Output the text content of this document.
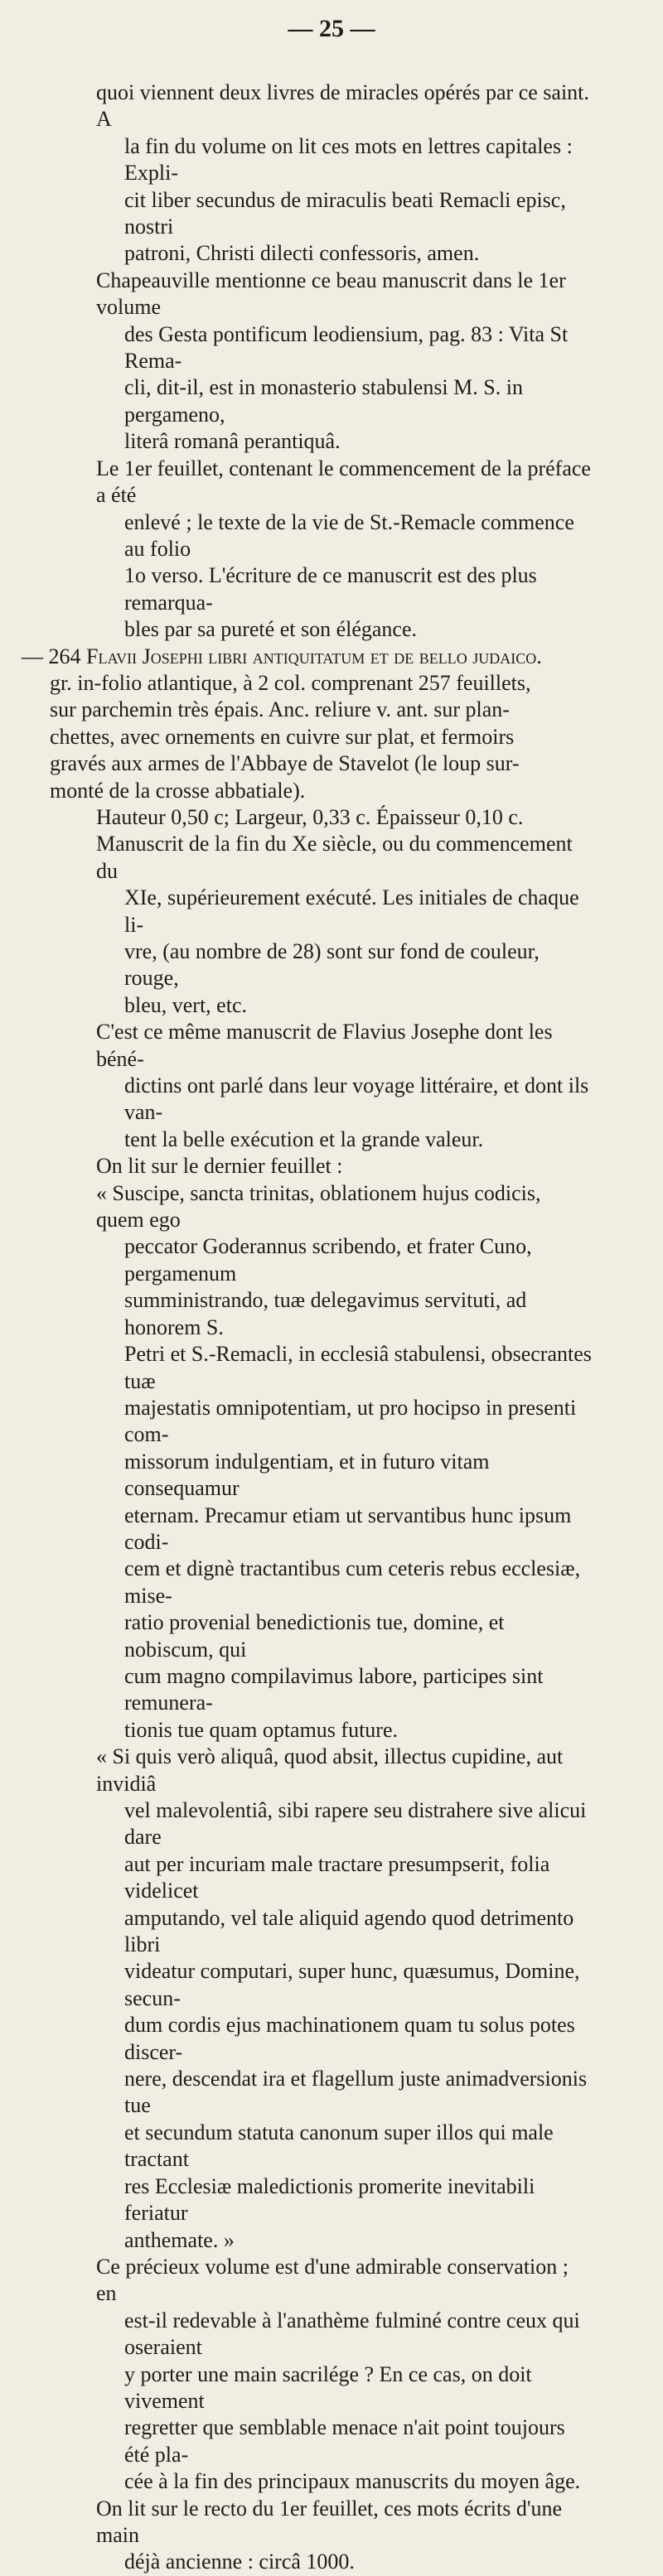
— 25 —

quoi viennent deux livres de miracles opérés par ce saint. A
la fin du volume on lit ces mots en lettres capitales : Expli-
cit liber secundus de miraculis beati Remacli episc, nostri
patroni, Christi dilecti confessoris, amen.

Chapeauville mentionne ce beau manuscrit dans le 1er volume
des Gesta pontificum leodiensium, pag. 83 : Vita St Rema-
cli, dit-il, est in monasterio stabulensi M. S. in pergameno,
literâ romanâ perantiquâ.

Le 1er feuillet, contenant le commencement de la préface a été
enlevé ; le texte de la vie de St.-Remacle commence au folio
1o verso. L'écriture de ce manuscrit est des plus remarqua-
bles par sa pureté et son élégance.

— 264 Flavii Josephi libri antiquitatum et de bello judaico.
gr. in-folio atlantique, à 2 col. comprenant 257 feuillets,
sur parchemin très épais. Anc. reliure v. ant. sur plan-
chettes, avec ornements en cuivre sur plat, et fermoirs
gravés aux armes de l'Abbaye de Stavelot (le loup sur-
monté de la crosse abbatiale).

Hauteur 0,50 c; Largeur, 0,33 c. Épaisseur 0,10 c.

Manuscrit de la fin du Xe siècle, ou du commencement du
XIe, supérieurement exécuté. Les initiales de chaque li-
vre, (au nombre de 28) sont sur fond de couleur, rouge,
bleu, vert, etc.

C'est ce même manuscrit de Flavius Josephe dont les béné-
dictins ont parlé dans leur voyage littéraire, et dont ils van-
tent la belle exécution et la grande valeur.

On lit sur le dernier feuillet :

« Suscipe, sancta trinitas, oblationem hujus codicis, quem ego
peccator Goderannus scribendo, et frater Cuno, pergamenum
sumministrando, tuæ delegavimus servituti, ad honorem S.
Petri et S.-Remacli, in ecclesiâ stabulensi, obsecrantes tuæ
majestatis omnipotentiam, ut pro hocipso in presenti com-
missorum indulgentiam, et in futuro vitam consequamur
eternam. Precamur etiam ut servantibus hunc ipsum codi-
cem et dignè tractantibus cum ceteris rebus ecclesiæ, mise-
ratio provenial benedictionis tue, domine, et nobiscum, qui
cum magno compilavimus labore, participes sint remunera-
tionis tue quam optamus future.

« Si quis verò aliquâ, quod absit, illectus cupidine, aut invidiâ
vel malevolentiâ, sibi rapere seu distrahere sive alicui dare
aut per incuriam male tractare presumpserit, folia videlicet
amputando, vel tale aliquid agendo quod detrimento libri
videatur computari, super hunc, quæsumus, Domine, secun-
dum cordis ejus machinationem quam tu solus potes discer-
nere, descendat ira et flagellum juste animadversionis tue
et secundum statuta canonum super illos qui male tractant
res Ecclesiæ maledictionis promerite inevitabili feriatur
anthemate. »

Ce précieux volume est d'une admirable conservation ; en
est-il redevable à l'anathème fulminé contre ceux qui oseraient
y porter une main sacrilége ? En ce cas, on doit vivement
regretter que semblable menace n'ait point toujours été pla-
cée à la fin des principaux manuscrits du moyen âge.

On lit sur le recto du 1er feuillet, ces mots écrits d'une main
déjà ancienne : circâ 1000.
